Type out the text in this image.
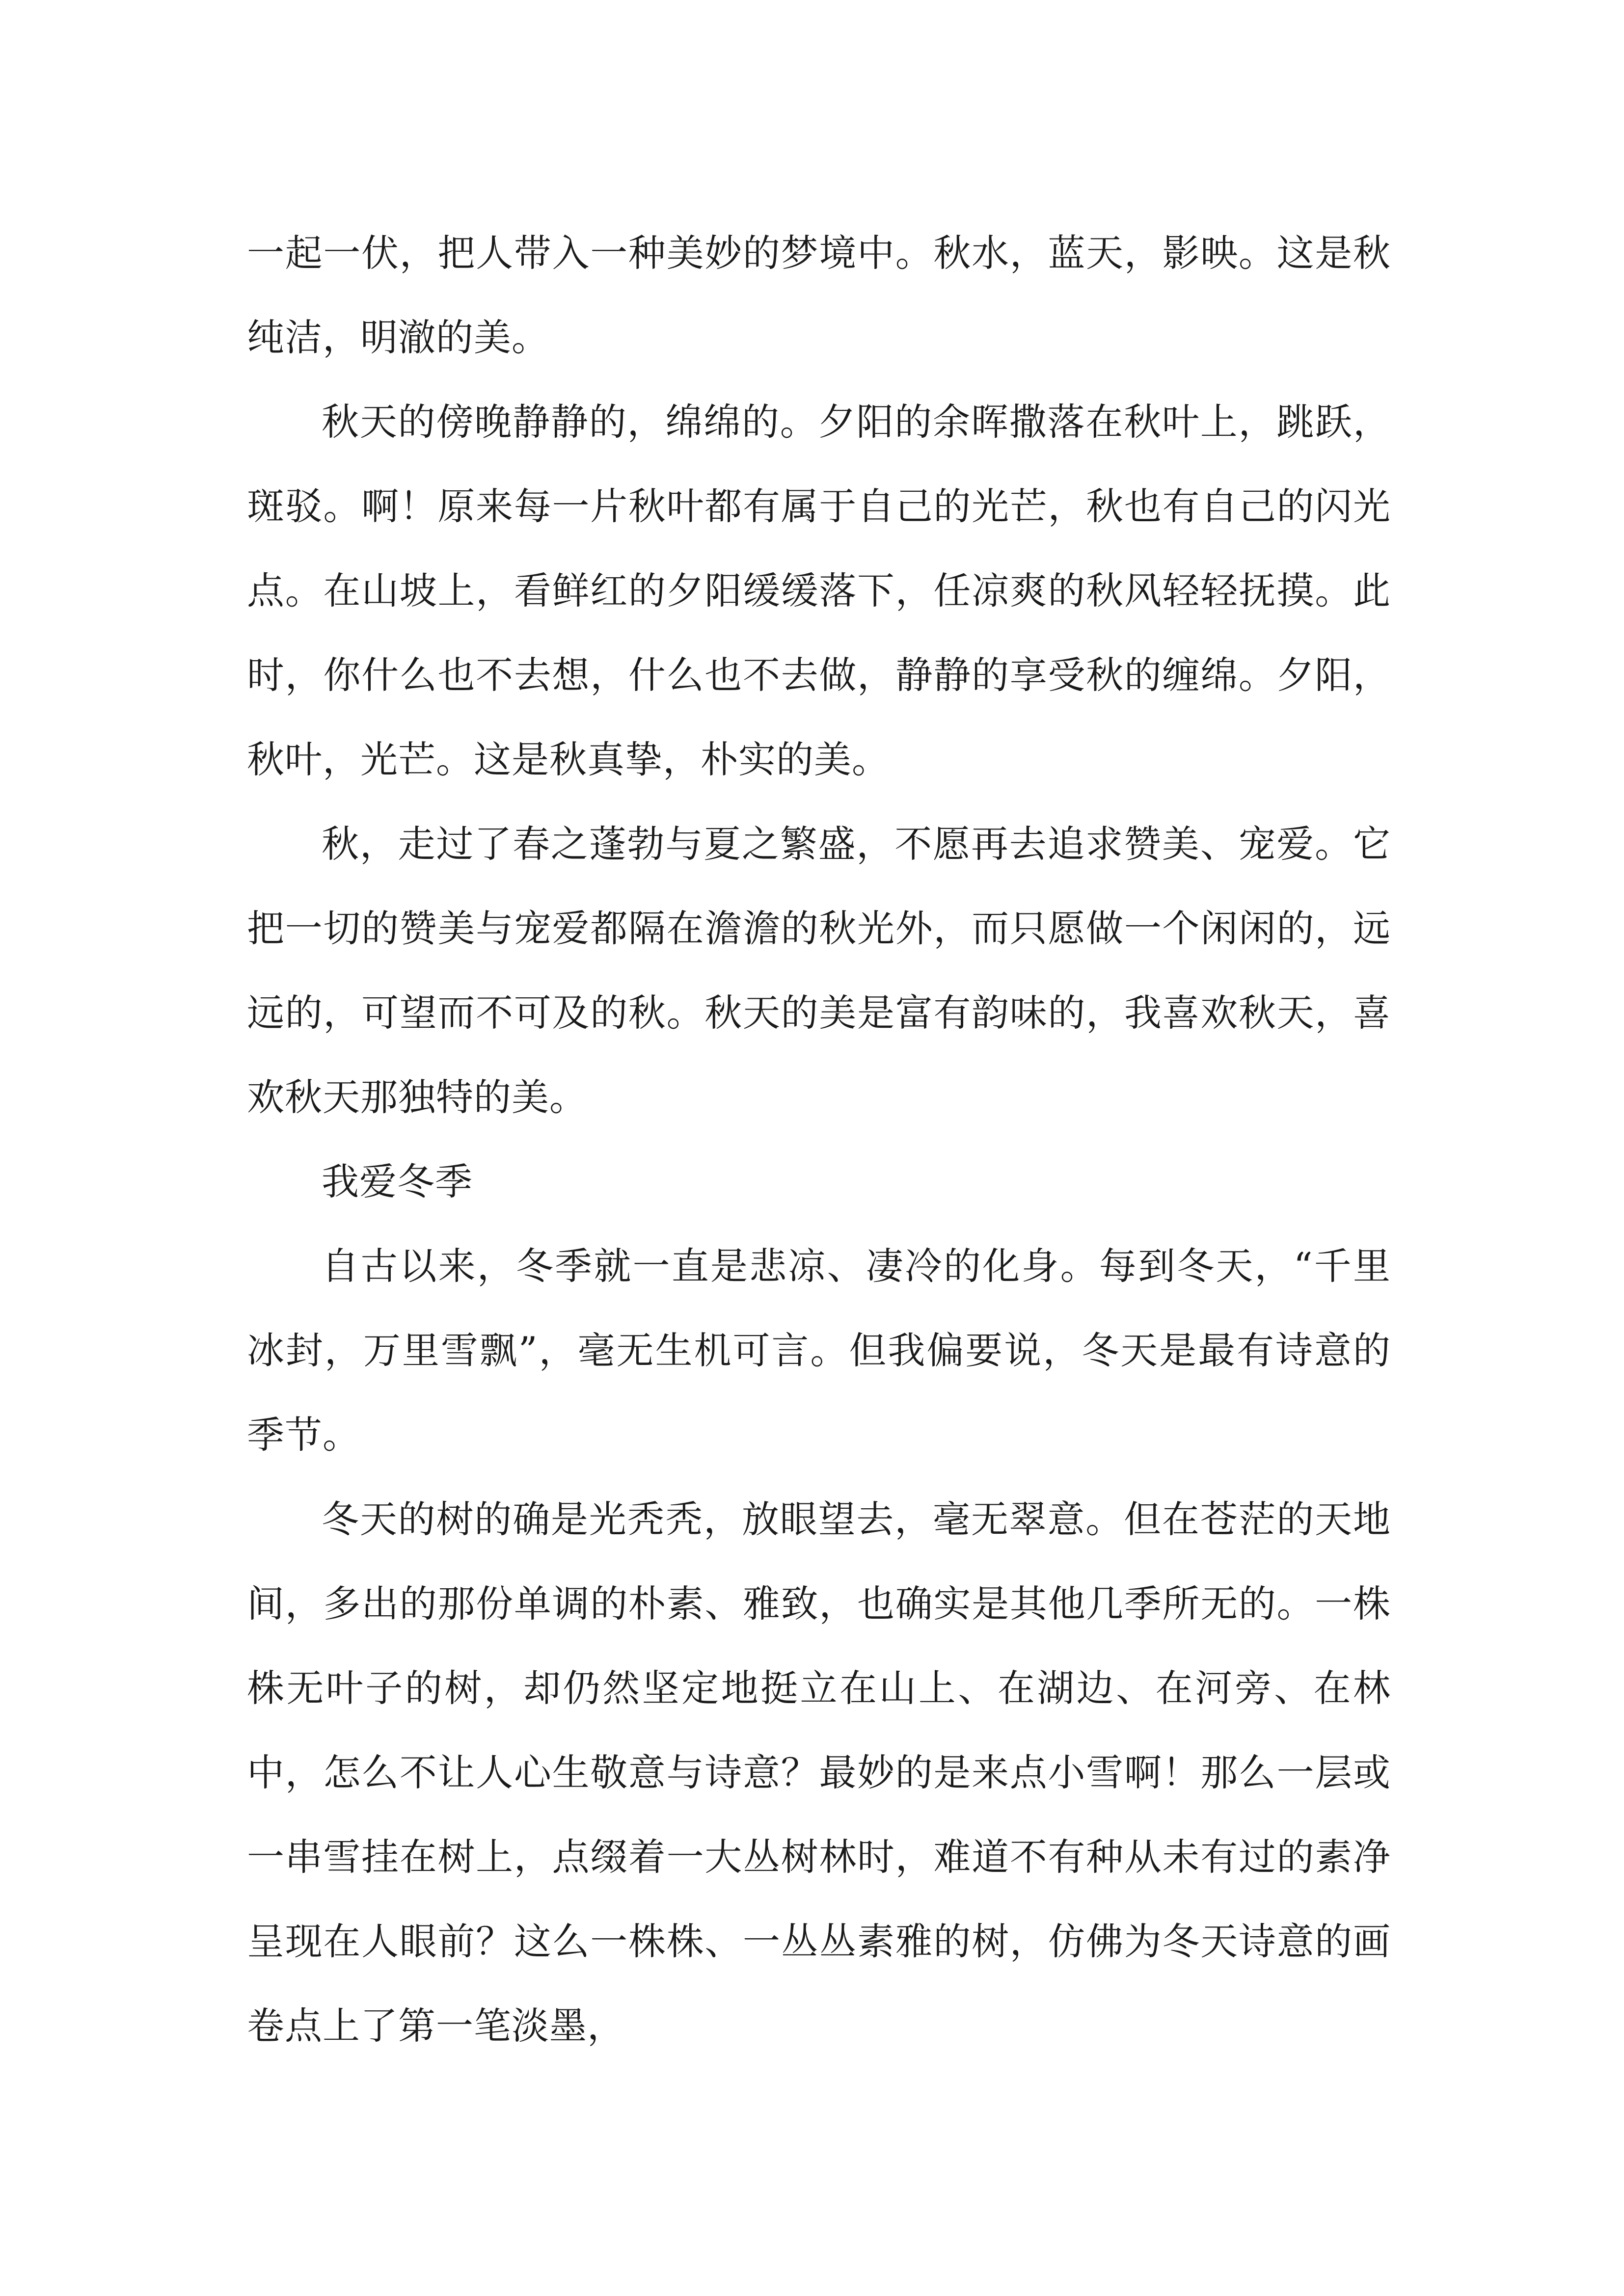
一起一伏，把人带入一种美妙的梦境中。秋水，蓝天，影映。这是秋纯洁，明澈的美。

秋天的傍晚静静的，绵绵的。夕阳的余晖撒落在秋叶上，跳跃，斑驳。啊！原来每一片秋叶都有属于自己的光芒，秋也有自己的闪光点。在山坡上，看鲜红的夕阳缓缓落下，任凉爽的秋风轻轻抚摸。此时，你什么也不去想，什么也不去做，静静的享受秋的缠绵。夕阳，秋叶，光芒。这是秋真挚，朴实的美。

秋，走过了春之蓬勃与夏之繁盛，不愿再去追求赞美、宠爱。它把一切的赞美与宠爱都隔在澹澹的秋光外，而只愿做一个闲闲的，远远的，可望而不可及的秋。秋天的美是富有韵味的，我喜欢秋天，喜欢秋天那独特的美。

我爱冬季

自古以来，冬季就一直是悲凉、凄冷的化身。每到冬天，“千里冰封，万里雪飘”，毫无生机可言。但我偏要说，冬天是最有诗意的季节。

冬天的树的确是光秃秃，放眼望去，毫无翠意。但在苍茫的天地间，多出的那份单调的朴素、雅致，也确实是其他几季所无的。一株株无叶子的树，却仍然坚定地挺立在山上、在湖边、在河旁、在林中，怎么不让人心生敬意与诗意？最妙的是来点小雪啊！那么一层或一串雪挂在树上，点缀着一大丛树林时，难道不有种从未有过的素净呈现在人眼前？这么一株株、一丛丛素雅的树，仿佛为冬天诗意的画卷点上了第一笔淡墨，
